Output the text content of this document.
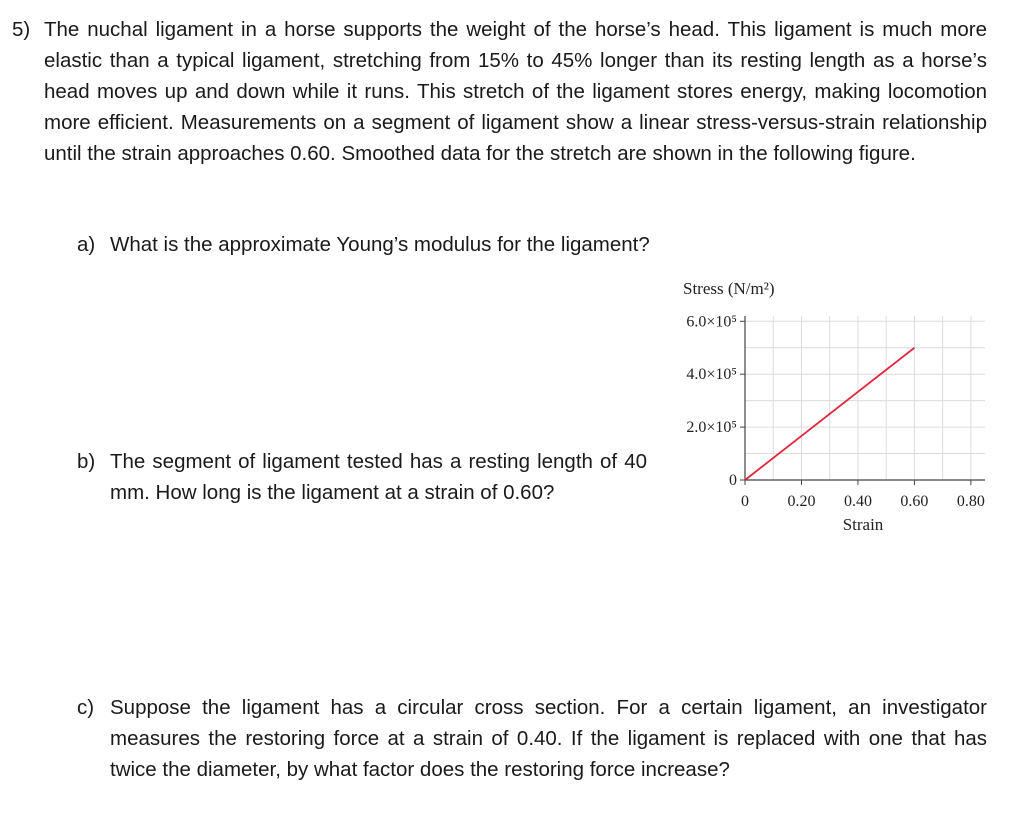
5) The nuchal ligament in a horse supports the weight of the horse’s head. This ligament is much more elastic than a typical ligament, stretching from 15% to 45% longer than its resting length as a horse’s head moves up and down while it runs. This stretch of the ligament stores energy, making locomotion more efficient. Measurements on a segment of ligament show a linear stress-versus-strain relationship until the strain approaches 0.60. Smoothed data for the stretch are shown in the following figure.
a) What is the approximate Young’s modulus for the ligament?
b) The segment of ligament tested has a resting length of 40 mm. How long is the ligament at a strain of 0.60?
c) Suppose the ligament has a circular cross section. For a certain ligament, an investigator measures the restoring force at a strain of 0.40. If the ligament is replaced with one that has twice the diameter, by what factor does the restoring force increase?
6.0×10⁵
4.0×10⁵
2.0×10⁵
0
0 0.20 0.40 0.60 0.80
Stress (N/m²)
Strain
